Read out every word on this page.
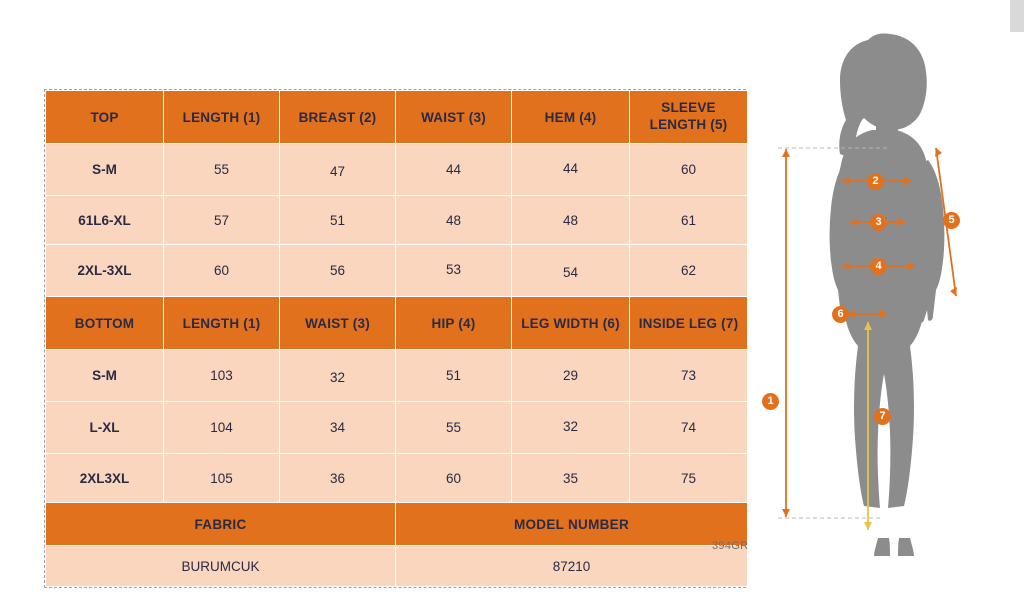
TOP	LENGTH (1)	BREAST (2)	WAIST (3)	HEM (4)	SLEEVE LENGTH (5)
S-M	55	47	44	44	60
61L6-XL	57	51	48	48	61
2XL-3XL	60	56	53	54	62
BOTTOM	LENGTH (1)	WAIST (3)	HIP (4)	LEG WIDTH (6)	INSIDE LEG (7)
S-M	103	32	51	29	73
L-XL	104	34	55	32	74
2XL3XL	105	36	60	35	75
FABRIC			MODEL NUMBER		
BURUMCUK			87210		
394GR
1
2
3
4
5
6
7
